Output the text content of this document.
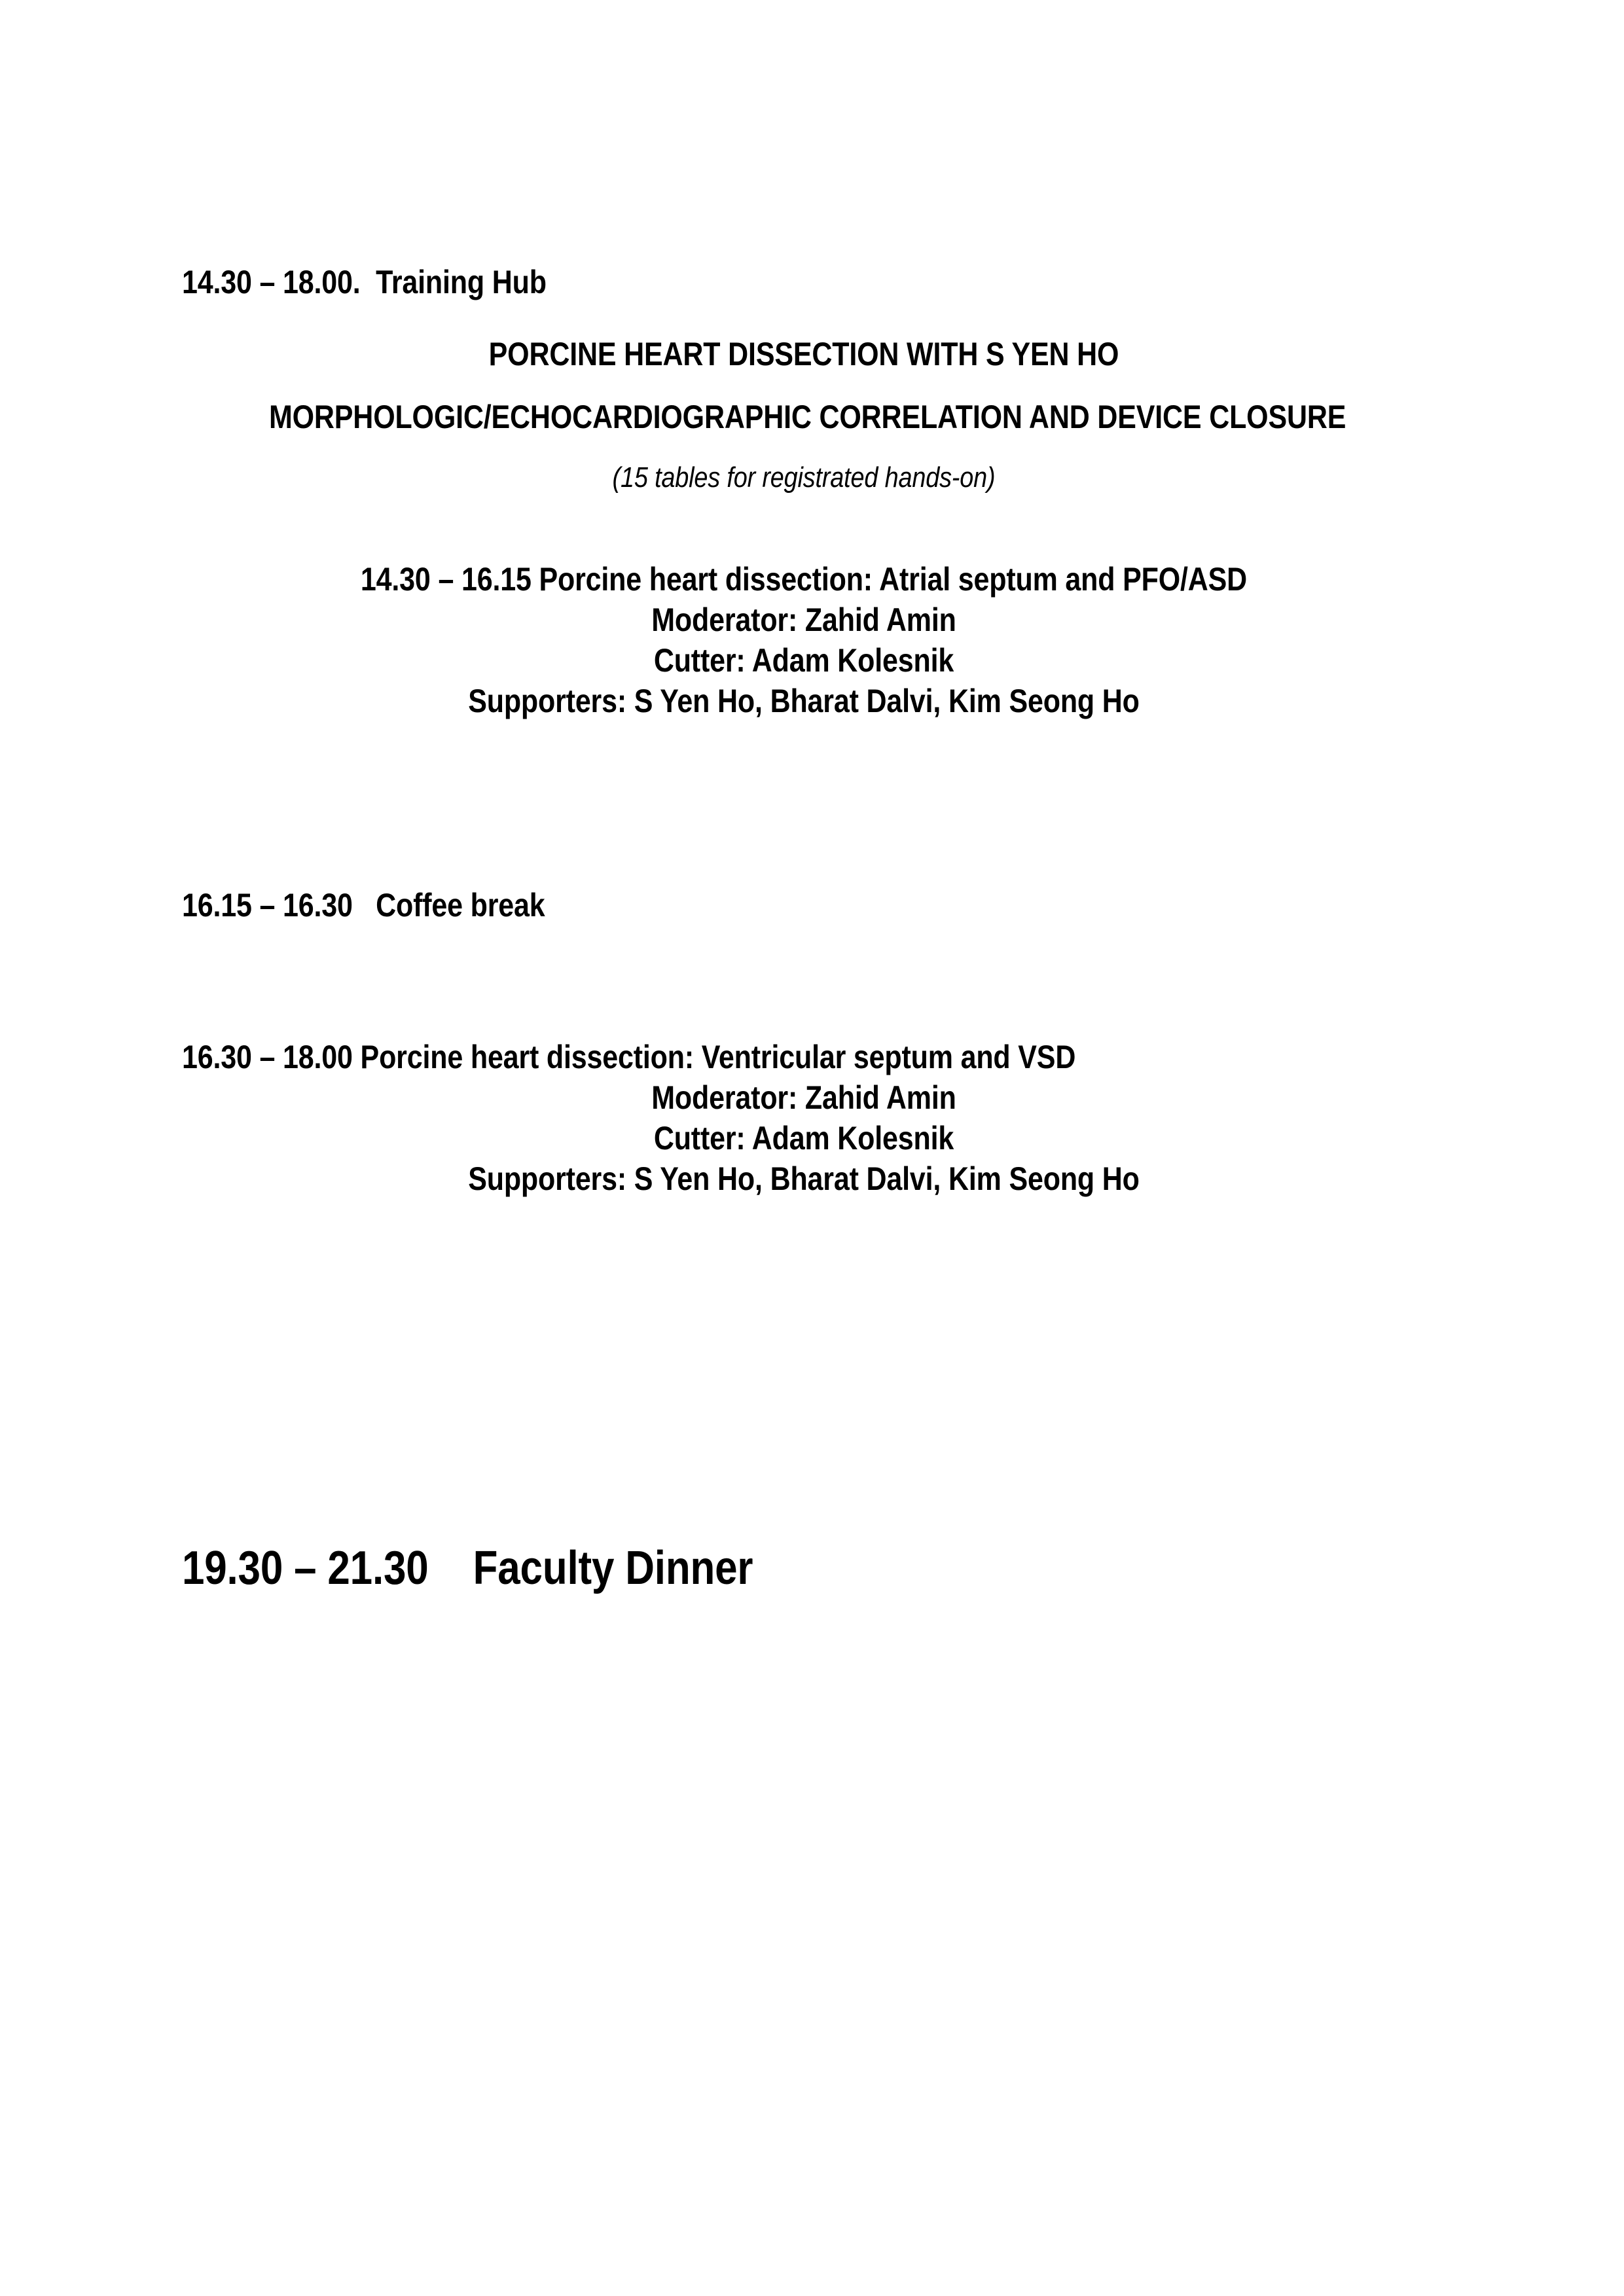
14.30 – 18.00.  Training Hub
PORCINE HEART DISSECTION WITH S YEN HO
MORPHOLOGIC/ECHOCARDIOGRAPHIC CORRELATION AND DEVICE CLOSURE
(15 tables for registrated hands-on)
14.30 – 16.15 Porcine heart dissection: Atrial septum and PFO/ASD
Moderator: Zahid Amin
Cutter: Adam Kolesnik
Supporters: S Yen Ho, Bharat Dalvi, Kim Seong Ho
16.15 – 16.30   Coffee break
16.30 – 18.00 Porcine heart dissection: Ventricular septum and VSD
Moderator: Zahid Amin
Cutter: Adam Kolesnik
Supporters: S Yen Ho, Bharat Dalvi, Kim Seong Ho
19.30 – 21.30    Faculty Dinner
